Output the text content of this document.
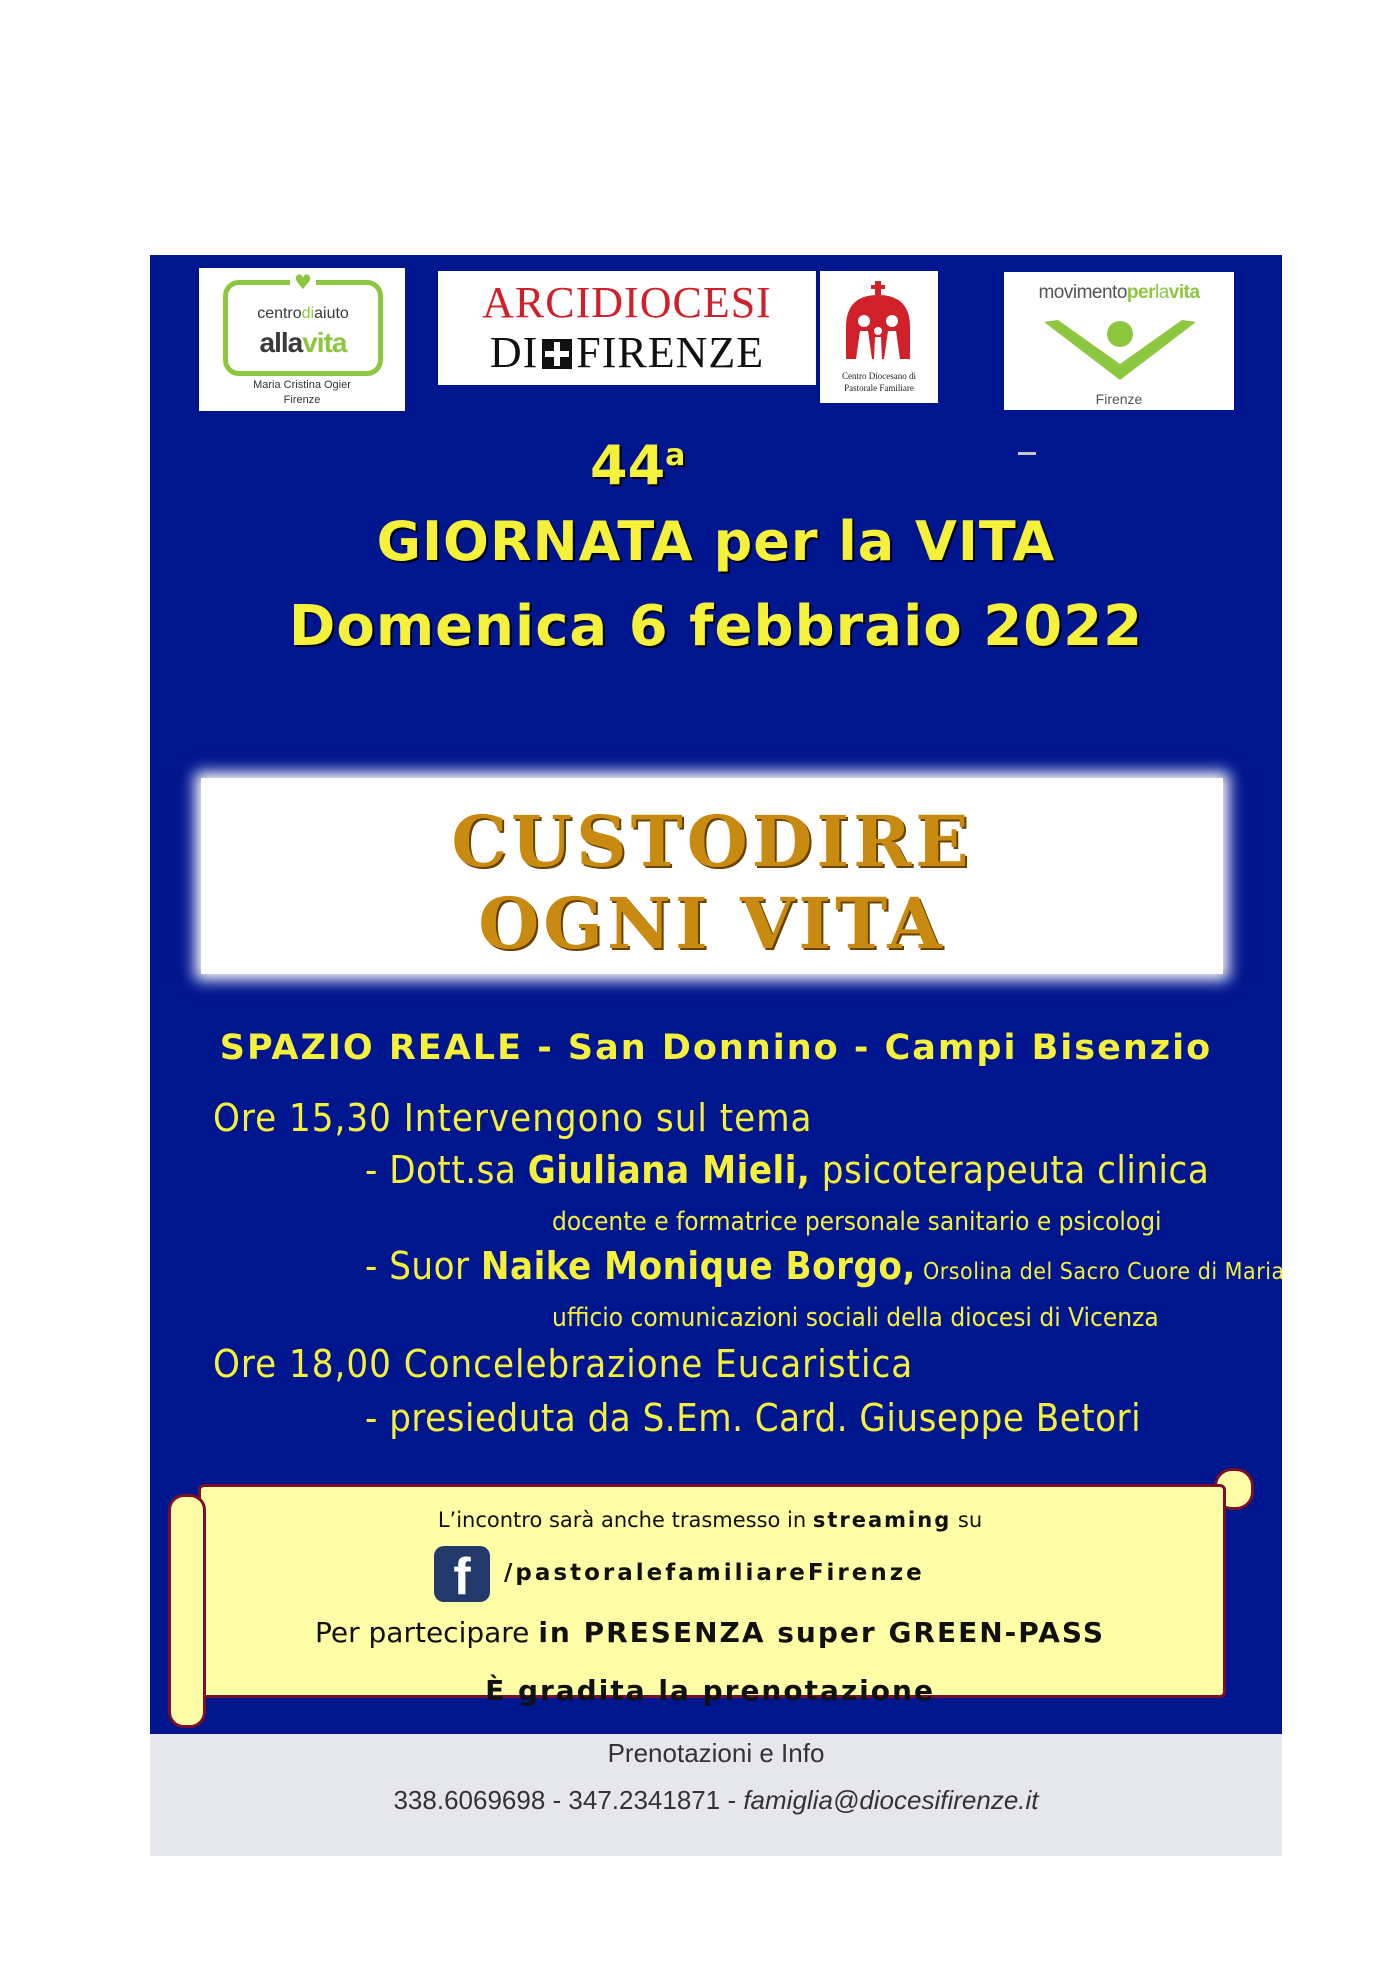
♥
centrodiaiuto
allavita
Maria Cristina Ogier
Firenze
ARCIDIOCESI
DI FIRENZE	Centro Diocesano di
Pastorale Familiare
movimentoperlavita
Firenze
44$^a$
GIORNATA per la VITA
Domenica 6 febbraio 2022
CUSTODIRE
OGNI VITA
SPAZIO REALE - San Donnino - Campi Bisenzio
Ore 15,30 Intervengono sul tema
- Dott.sa Giuliana Mieli, psicoterapeuta clinica
docente e formatrice personale sanitario e psicologi
- Suor Naike Monique Borgo, Orsolina del Sacro Cuore di Maria
ufficio comunicazioni sociali della diocesi di Vicenza
Ore 18,00 Concelebrazione Eucaristica
- presieduta da S.Em. Card. Giuseppe Betori
L’incontro sarà anche trasmesso in streaming su
f	/pastoralefamiliareFirenze
Per partecipare in PRESENZA super GREEN-PASS
È gradita la prenotazione
Prenotazioni e Info
338.6069698 - 347.2341871 - famiglia@diocesifirenze.it
